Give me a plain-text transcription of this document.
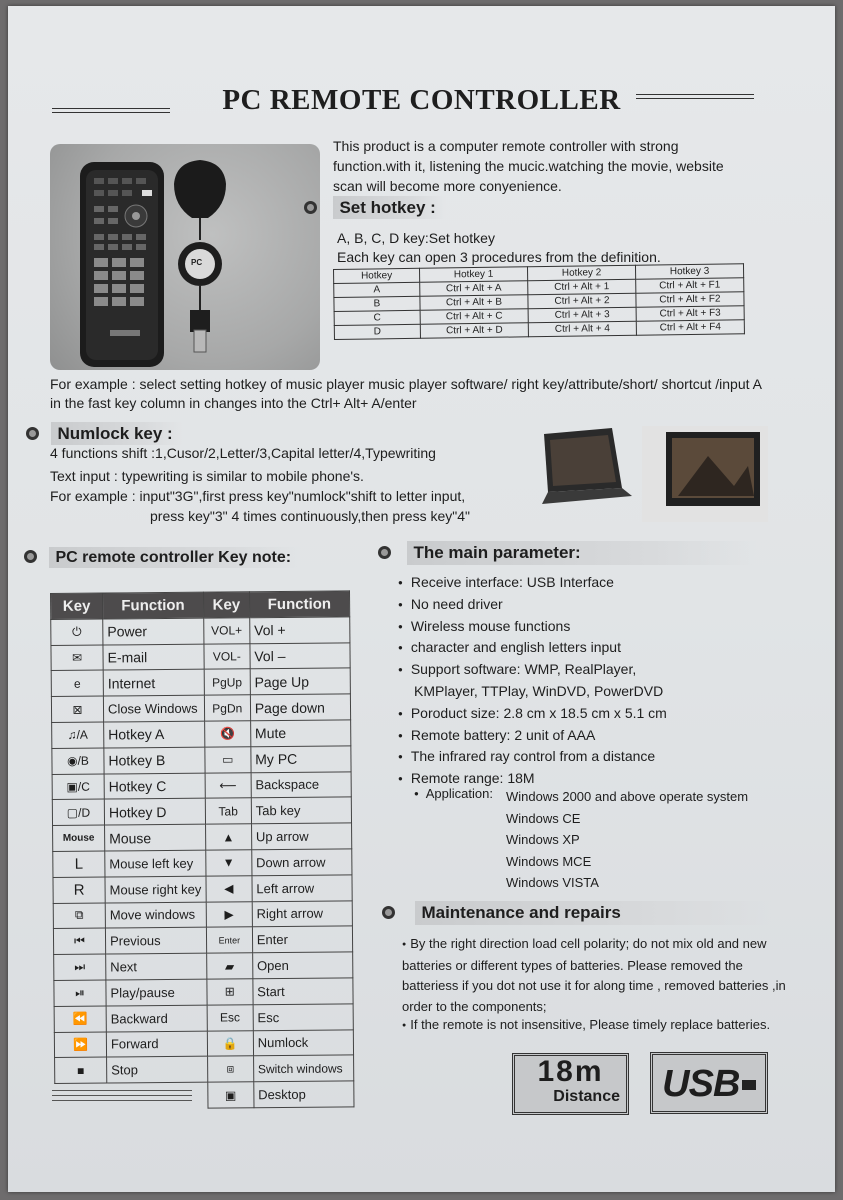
PC REMOTE CONTROLLER
PC
This product is a computer remote controller with strong function.with it, listening the mucic.watching the movie, website scan will become more conyenience.
Set hotkey :
A, B, C, D key:Set hotkey
Each key can open 3 procedures from the definition.
Hotkey	Hotkey 1	Hotkey 2	Hotkey 3
A	Ctrl + Alt + A	Ctrl + Alt + 1	Ctrl + Alt + F1
B	Ctrl + Alt + B	Ctrl + Alt + 2	Ctrl + Alt + F2
C	Ctrl + Alt + C	Ctrl + Alt + 3	Ctrl + Alt + F3
D	Ctrl + Alt + D	Ctrl + Alt + 4	Ctrl + Alt + F4
For example : select setting hotkey of music player music player software/ right key/attribute/short/ shortcut /input A in the fast key column in changes into the Ctrl+ Alt+ A/enter
Numlock key :
4 functions shift :1,Cusor/2,Letter/3,Capital letter/4,Typewriting
Text input : typewriting is similar to mobile phone's.
For example : input"3G",first press key"numlock"shift to letter input,
press key"3" 4 times continuously,then press key"4"
PC remote controller Key note:
Key	Function	Key	Function
⏻	Power	VOL+	Vol +
✉	E-mail	VOL-	Vol –
e	Internet	PgUp	Page Up
⊠	Close Windows	PgDn	Page down
♫/A	Hotkey A	🔇	Mute
◉/B	Hotkey B	▭	My PC
▣/C	Hotkey C	⟵	Backspace
▢/D	Hotkey D	Tab	Tab key
Mouse	Mouse	▲	Up arrow
L	Mouse left key	▼	Down arrow
R	Mouse right key	◀	Left arrow
⧉	Move windows	▶	Right arrow
⏮	Previous	Enter	Enter
⏭	Next	▰	Open
⏯	Play/pause	⊞	Start
⏪	Backward	Esc	Esc
⏩	Forward	🔒	Numlock
■	Stop	⧈	Switch windows
		▣	Desktop
The main parameter:
● Receive interface: USB Interface
● No need driver
● Wireless mouse functions
● character and english letters input
● Support software: WMP, RealPlayer,
KMPlayer, TTPlay, WinDVD, PowerDVD
● Poroduct size: 2.8 cm x 18.5 cm x 5.1 cm
● Remote battery: 2 unit of AAA
● The infrared ray control from a distance
● Remote range: 18M
● Application:	Windows 2000 and above operate system
Windows CE
Windows XP
Windows MCE
Windows VISTA
Maintenance and repairs
● By the right direction load cell polarity; do not mix old and new batteries or different types of batteries. Please removed the batteriess if you dot not use it for along time , removed batteries ,in order to the components;
● If the remote is not insensitive, Please timely replace batteries.
18m
Distance	USB
